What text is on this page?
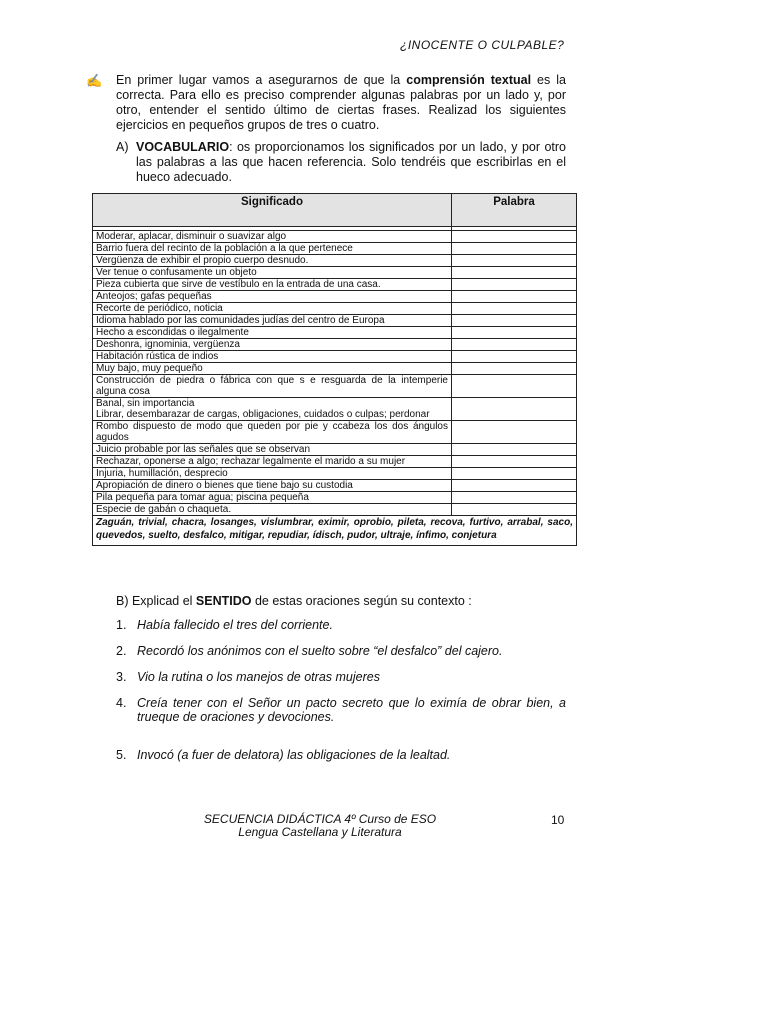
¿INOCENTE O CULPABLE?
✍ En primer lugar vamos a asegurarnos de que la comprensión textual es la correcta. Para ello es preciso comprender algunas palabras por un lado y, por otro, entender el sentido último de ciertas frases. Realizad los siguientes ejercicios en pequeños grupos de tres o cuatro.
A) VOCABULARIO: os proporcionamos los significados por un lado, y por otro las palabras a las que hacen referencia. Solo tendréis que escribirlas en el hueco adecuado.
Significado	Palabra

Moderar, aplacar, disminuir o suavizar algo	
Barrio fuera del recinto de la población a la que pertenece	
Vergüenza de exhibir el propio cuerpo desnudo.	
Ver tenue o confusamente un objeto	
Pieza cubierta que sirve de vestíbulo en la entrada de una casa.	
Anteojos; gafas pequeñas	
Recorte de periódico, noticia	
Idioma hablado por las comunidades judías del centro de Europa	
Hecho a escondidas o ilegalmente	
Deshonra, ignominia, vergüenza	
Habitación rústica de indios	
Muy bajo, muy pequeño	
Construcción de piedra o fábrica con que s e resguarda de la intemperie alguna cosa	
Banal, sin importancia
Librar, desembarazar de cargas, obligaciones, cuidados o culpas; perdonar	
Rombo dispuesto de modo que queden por pie y ccabeza los dos ángulos agudos	
Juicio probable por las señales que se observan	
Rechazar, oponerse a algo; rechazar legalmente el marido a su mujer	
Injuria, humillación, desprecio	
Apropiación de dinero o bienes que tiene bajo su custodia	
Pila pequeña para tomar agua; piscina pequeña	
Especie de gabán o chaqueta.	
Zaguán, trivial, chacra, losanges, vislumbrar, eximir, oprobio, pileta, recova, furtivo, arrabal, saco, quevedos, suelto, desfalco, mitigar, repudiar, ídisch, pudor, ultraje, ínfimo, conjetura	
B) Explicad el SENTIDO de estas oraciones según su contexto :
1. Había fallecido el tres del corriente.
2. Recordó los anónimos con el suelto sobre “el desfalco” del cajero.
3. Vio la rutina o los manejos de otras mujeres
4. Creía tener con el Señor un pacto secreto que lo eximía de obrar bien, a trueque de oraciones y devociones.
5. Invocó (a fuer de delatora) las obligaciones de la lealtad.
SECUENCIA DIDÁCTICA 4º Curso de ESO
Lengua Castellana y Literatura
10
